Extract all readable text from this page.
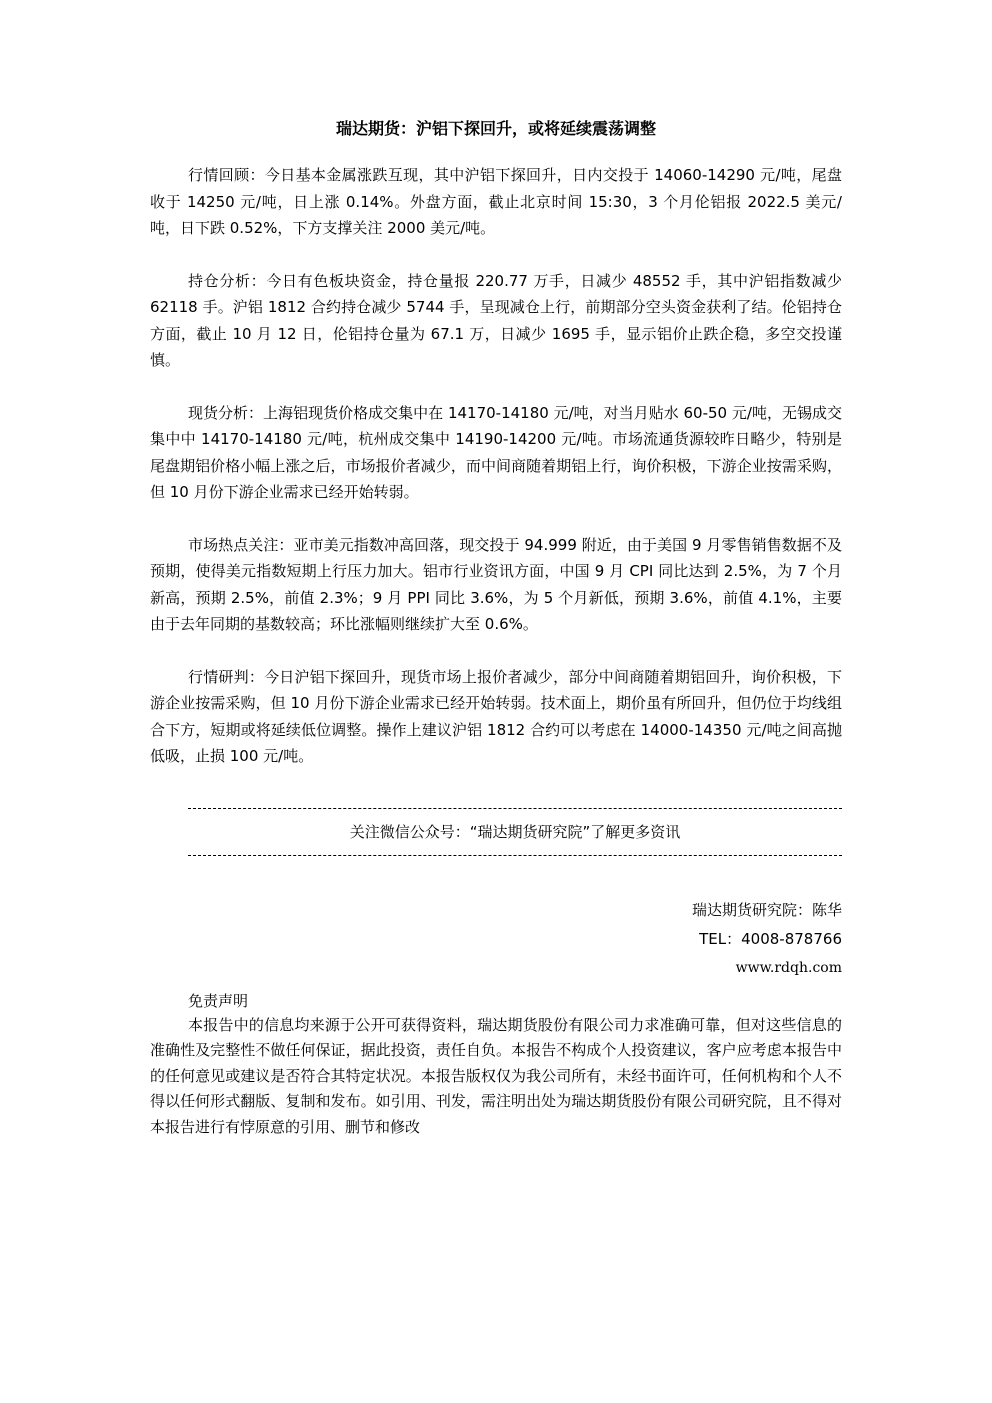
瑞达期货：沪铝下探回升，或将延续震荡调整

行情回顾：今日基本金属涨跌互现，其中沪铝下探回升，日内交投于 14060-14290 元/吨，尾盘收于 14250 元/吨，日上涨 0.14%。外盘方面，截止北京时间 15:30，3 个月伦铝报 2022.5 美元/吨，日下跌 0.52%，下方支撑关注 2000 美元/吨。

持仓分析：今日有色板块资金，持仓量报 220.77 万手，日减少 48552 手，其中沪铝指数减少 62118 手。沪铝 1812 合约持仓减少 5744 手，呈现减仓上行，前期部分空头资金获利了结。伦铝持仓方面，截止 10 月 12 日，伦铝持仓量为 67.1 万，日减少 1695 手，显示铝价止跌企稳，多空交投谨慎。

现货分析：上海铝现货价格成交集中在 14170-14180 元/吨，对当月贴水 60-50 元/吨，无锡成交集中中 14170-14180 元/吨，杭州成交集中 14190-14200 元/吨。市场流通货源较昨日略少，特别是尾盘期铝价格小幅上涨之后，市场报价者减少，而中间商随着期铝上行，询价积极，下游企业按需采购，但 10 月份下游企业需求已经开始转弱。

市场热点关注：亚市美元指数冲高回落，现交投于 94.999 附近，由于美国 9 月零售销售数据不及预期，使得美元指数短期上行压力加大。铝市行业资讯方面，中国 9 月 CPI 同比达到 2.5%，为 7 个月新高，预期 2.5%，前值 2.3%；9 月 PPI 同比 3.6%，为 5 个月新低，预期 3.6%，前值 4.1%，主要由于去年同期的基数较高；环比涨幅则继续扩大至 0.6%。

行情研判：今日沪铝下探回升，现货市场上报价者减少，部分中间商随着期铝回升，询价积极，下游企业按需采购，但 10 月份下游企业需求已经开始转弱。技术面上，期价虽有所回升，但仍位于均线组合下方，短期或将延续低位调整。操作上建议沪铝 1812 合约可以考虑在 14000-14350 元/吨之间高抛低吸，止损 100 元/吨。

关注微信公众号：“瑞达期货研究院”了解更多资讯
瑞达期货研究院：陈华
TEL：4008-878766
www.rdqh.com
免责声明

本报告中的信息均来源于公开可获得资料，瑞达期货股份有限公司力求准确可靠，但对这些信息的准确性及完整性不做任何保证，据此投资，责任自负。本报告不构成个人投资建议，客户应考虑本报告中的任何意见或建议是否符合其特定状况。本报告版权仅为我公司所有，未经书面许可，任何机构和个人不得以任何形式翻版、复制和发布。如引用、刊发，需注明出处为瑞达期货股份有限公司研究院，且不得对本报告进行有悖原意的引用、删节和修改
